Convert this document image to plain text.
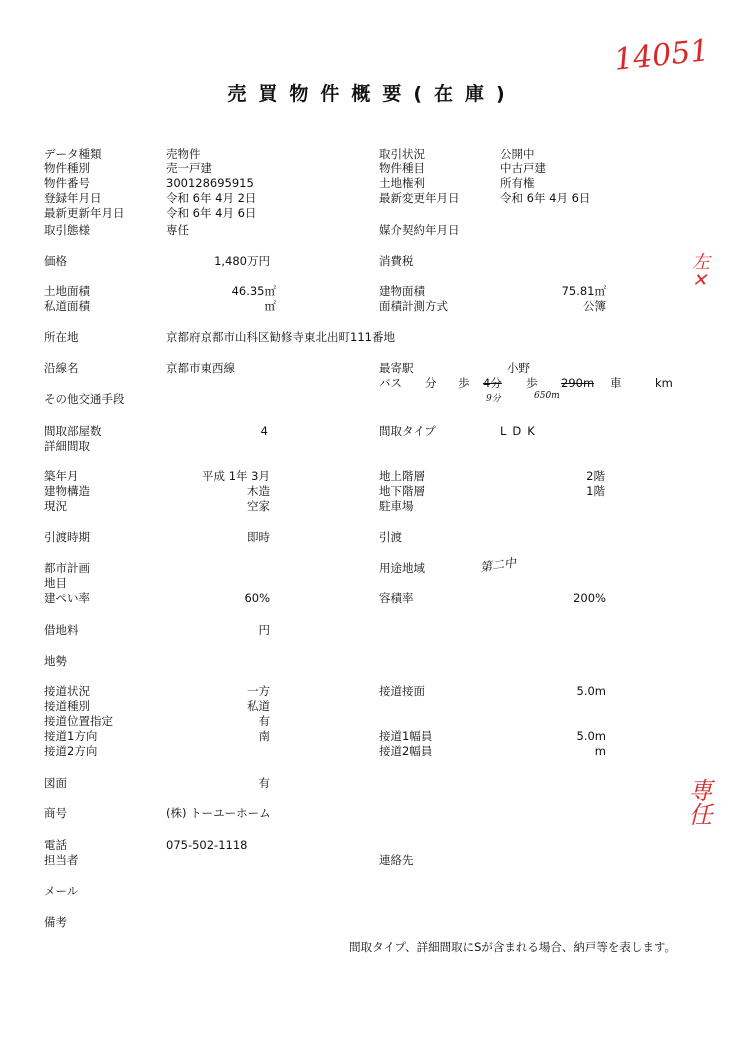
14051
左✕
専任
第二中
9分	650m
売買物件概要(在庫)
データ種類	売物件
物件種別	売一戸建
物件番号	300128695915
登録年月日	令和 6年 4月 2日
最新更新年月日	令和 6年 4月 6日
取引態様	専任
価格	1,480万円
土地面積	46.35㎡
私道面積	㎡
所在地	京都府京都市山科区勧修寺東北出町111番地
沿線名	京都市東西線
その他交通手段
間取部屋数	4
詳細間取
築年月	平成 1年 3月
建物構造	木造
現況	空家
引渡時期	即時
都市計画
地目
建ぺい率	60%
借地料	円
地勢
接道状況	一方
接道種別	私道
接道位置指定	有
接道1方向	南
接道2方向
図面	有
商号	(株) トーユーホーム
電話	075-502-1118
担当者
メール
備考
取引状況	公開中
物件種目	中古戸建
土地権利	所有権
最新変更年月日	令和 6年 4月 6日
媒介契約年月日
消費税
建物面積	75.81㎡
面積計測方式	公簿
最寄駅	小野
バス 分 歩 4分 歩 290m 車	km
間取タイプ	LDK
地上階層	2階
地下階層	1階
駐車場
引渡
用途地域
容積率	200%
接道接面	5.0m
接道1幅員	5.0m
接道2幅員	m
連絡先
間取タイプ、詳細間取にSが含まれる場合、納戸等を表します。
